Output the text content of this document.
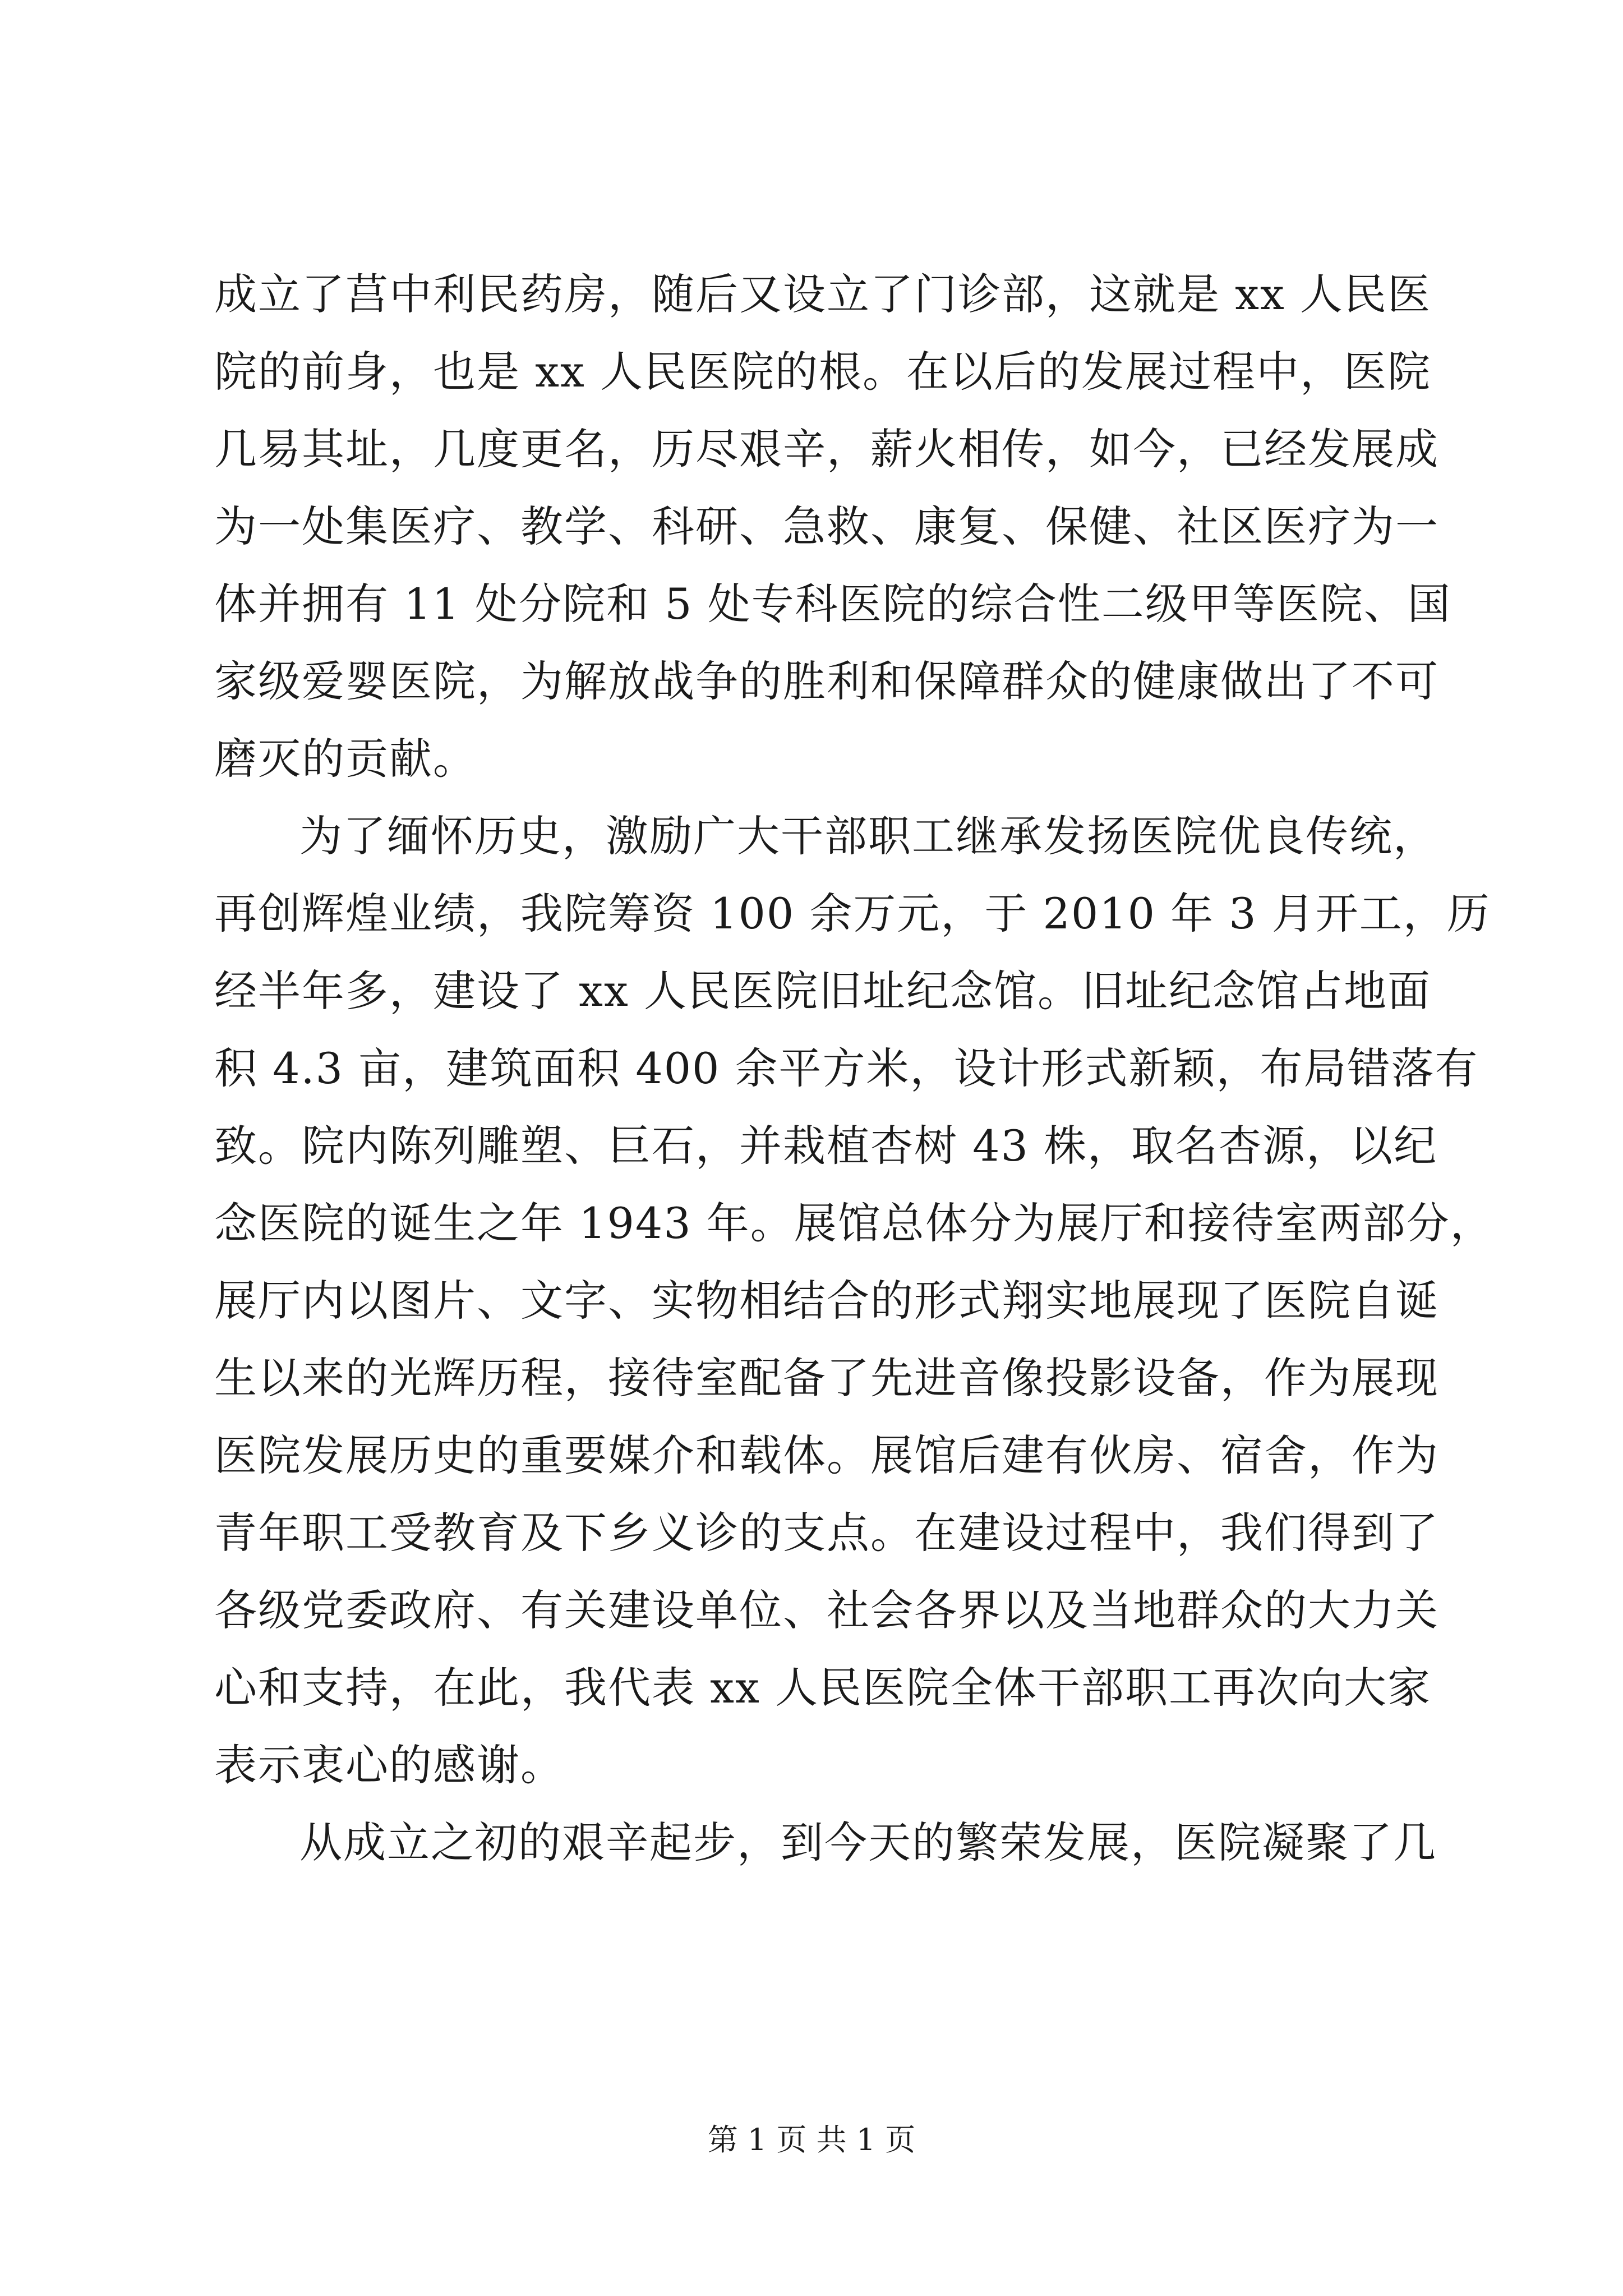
成立了莒中利民药房，随后又设立了门诊部，这就是 xx 人民医
院的前身，也是 xx 人民医院的根。在以后的发展过程中，医院
几易其址，几度更名，历尽艰辛，薪火相传，如今，已经发展成
为一处集医疗、教学、科研、急救、康复、保健、社区医疗为一
体并拥有 11 处分院和 5 处专科医院的综合性二级甲等医院、国
家级爱婴医院，为解放战争的胜利和保障群众的健康做出了不可
磨灭的贡献。
为了缅怀历史，激励广大干部职工继承发扬医院优良传统，
再创辉煌业绩，我院筹资 100 余万元，于 2010 年 3 月开工，历
经半年多，建设了 xx 人民医院旧址纪念馆。旧址纪念馆占地面
积 4.3 亩，建筑面积 400 余平方米，设计形式新颖，布局错落有
致。院内陈列雕塑、巨石，并栽植杏树 43 株，取名杏源，以纪
念医院的诞生之年 1943 年。展馆总体分为展厅和接待室两部分，
展厅内以图片、文字、实物相结合的形式翔实地展现了医院自诞
生以来的光辉历程，接待室配备了先进音像投影设备，作为展现
医院发展历史的重要媒介和载体。展馆后建有伙房、宿舍，作为
青年职工受教育及下乡义诊的支点。在建设过程中，我们得到了
各级党委政府、有关建设单位、社会各界以及当地群众的大力关
心和支持，在此，我代表 xx 人民医院全体干部职工再次向大家
表示衷心的感谢。
从成立之初的艰辛起步，到今天的繁荣发展，医院凝聚了几
第 1 页 共 1 页
